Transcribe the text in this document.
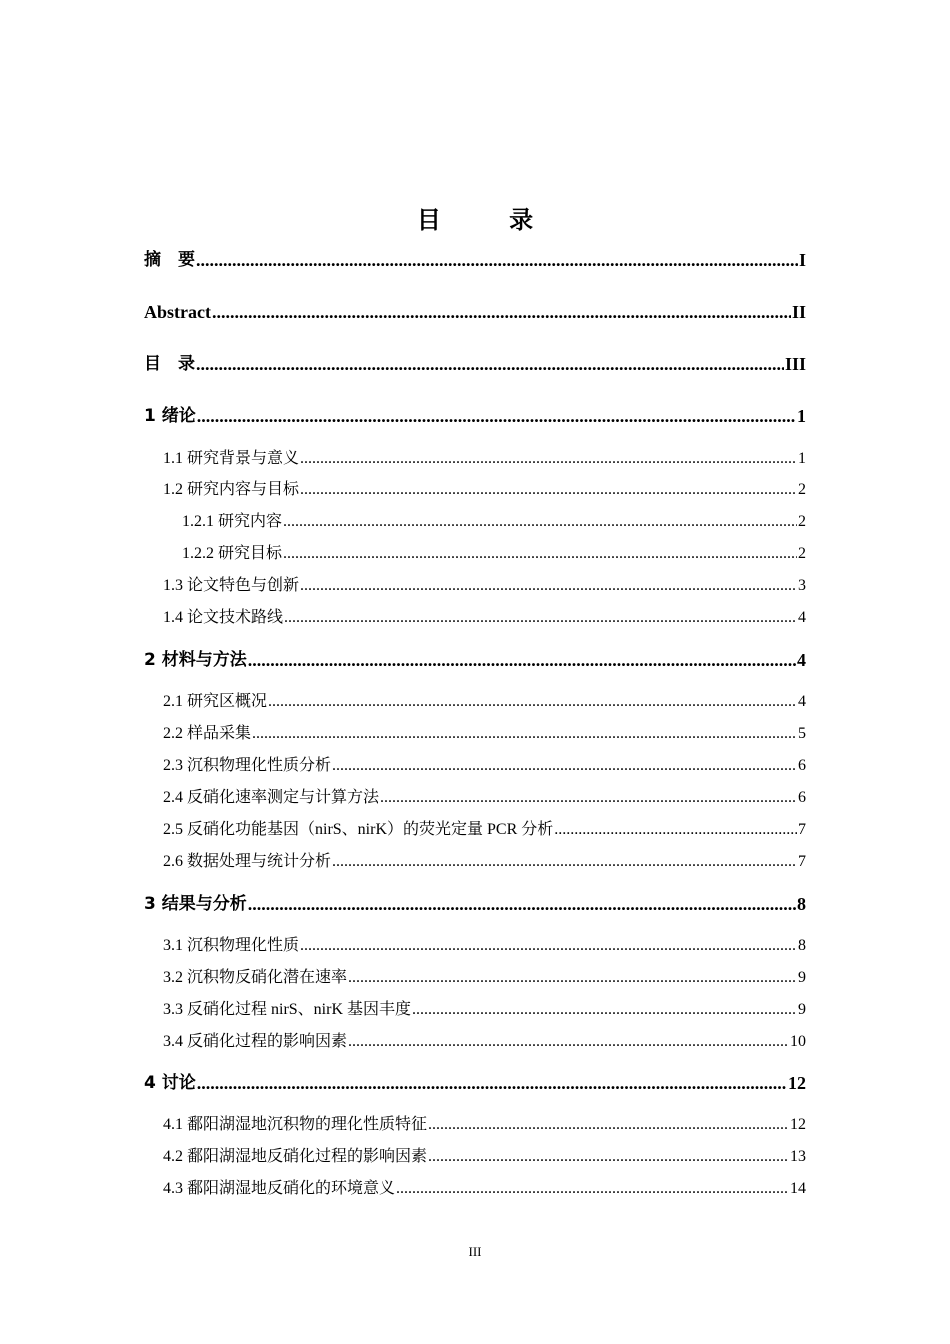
目 录
摘　要 .....	I
Abstract .....	II
目　录 .....	III
1 绪论 .....	1
1.1 研究背景与意义 .....	1
1.2 研究内容与目标 .....	2
1.2.1 研究内容 .....	2
1.2.2 研究目标 .....	2
1.3 论文特色与创新 .....	3
1.4 论文技术路线 .....	4
2 材料与方法 .....	4
2.1 研究区概况 .....	4
2.2 样品采集 .....	5
2.3 沉积物理化性质分析 .....	6
2.4 反硝化速率测定与计算方法 .....	6
2.5 反硝化功能基因（nirS、nirK）的荧光定量 PCR 分析 .....	7
2.6 数据处理与统计分析 .....	7
3 结果与分析 .....	8
3.1 沉积物理化性质 .....	8
3.2 沉积物反硝化潜在速率 .....	9
3.3 反硝化过程 nirS、nirK 基因丰度 .....	9
3.4 反硝化过程的影响因素 .....	10
4 讨论 .....	12
4.1 鄱阳湖湿地沉积物的理化性质特征 .....	12
4.2 鄱阳湖湿地反硝化过程的影响因素 .....	13
4.3 鄱阳湖湿地反硝化的环境意义 .....	14
III
